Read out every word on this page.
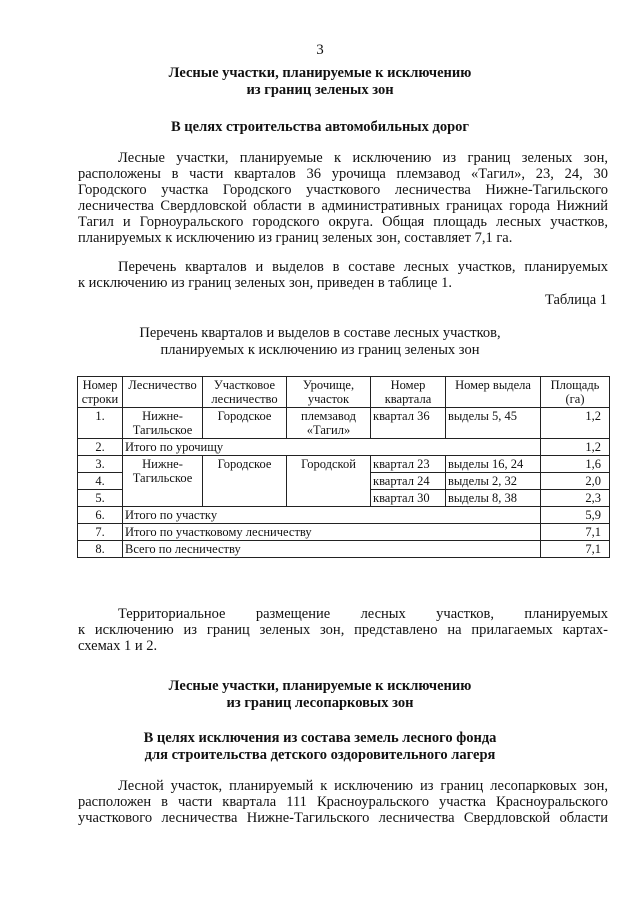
3
Лесные участки, планируемые к исключению
из границ зеленых зон
В целях строительства автомобильных дорог
Лесные участки, планируемые к исключению из границ зеленых зон,
расположены в части кварталов 36 урочища племзавод «Тагил», 23, 24, 30
Городского участка Городского участкового лесничества Нижне-Тагильского
лесничества Свердловской области в административных границах города Нижний
Тагил и Горноуральского городского округа. Общая площадь лесных участков,
планируемых к исключению из границ зеленых зон, составляет 7,1 га.
Перечень кварталов и выделов в составе лесных участков, планируемых
к исключению из границ зеленых зон, приведен в таблице 1.
Таблица 1
Перечень кварталов и выделов в составе лесных участков,
планируемых к исключению из границ зеленых зон
Номер строки	Лесничество	Участковое лесничество	Урочище, участок	Номер квартала	Номер выдела	Площадь (га)
1.	Нижне-Тагильское	Городское	племзавод «Тагил»	квартал 36	выделы 5, 45	1,2
2.	Итого по урочищу					1,2
3.	Нижне-Тагильское	Городское	Городской	квартал 23	выделы 16, 24	1,6
4.				квартал 24	выделы 2, 32	2,0
5.				квартал 30	выделы 8, 38	2,3
6.	Итого по участку					5,9
7.	Итого по участковому лесничеству					7,1
8.	Всего по лесничеству					7,1
Территориальное размещение лесных участков, планируемых
к исключению из границ зеленых зон, представлено на прилагаемых картах-
схемах 1 и 2.
Лесные участки, планируемые к исключению
из границ лесопарковых зон
В целях исключения из состава земель лесного фонда
для строительства детского оздоровительного лагеря
Лесной участок, планируемый к исключению из границ лесопарковых зон,
расположен в части квартала 111 Красноуральского участка Красноуральского
участкового лесничества Нижне-Тагильского лесничества Свердловской области
